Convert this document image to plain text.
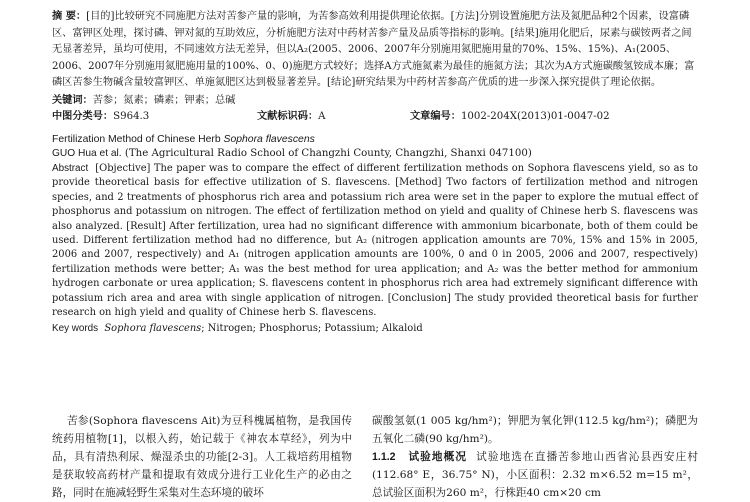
摘 要：[目的]比较研究不同施肥方法对苦参产量的影响，为苦参高效利用提供理论依据。[方法]分别设置施肥方法及氮肥品种2个因素，设富磷区、富钾区处理，探讨磷、钾对氮的互助效应，分析施肥方法对中药材苦参产量及品质等指标的影响。[结果]施用化肥后，尿素与碳铵两者之间无显著差异，虽均可使用，不同速效方法无差异，但以A₂(2005、2006、2007年分别施用氮肥施用量的70%、15%、15%)、A₁(2005、2006、2007年分别施用氮肥施用量的100%、0、0)施肥方式较好；选择A方式施氮素为最佳的施氮方法；其次为A方式施碳酸氢铵成本廉；富磷区苦参生物碱含量较富钾区、单施氮肥区达到极显著差异。[结论]研究结果为中药材苦参高产优质的进一步深入探究提供了理论依据。
关键词：苦参；氮素；磷素；钾素；总碱
中图分类号：S964.3	文献标识码：A	文章编号：1002-204X(2013)01-0047-02
Fertilization Method of Chinese Herb Sophora flavescens
GUO Hua et al. (The Agricultural Radio School of Changzhi County, Changzhi, Shanxi 047100)
Abstract [Objective] The paper was to compare the effect of different fertilization methods on Sophora flavescens yield, so as to provide theoretical basis for effective utilization of S. flavescens. [Method] Two factors of fertilization method and nitrogen species, and 2 treatments of phosphorus rich area and potassium rich area were set in the paper to explore the mutual effect of phosphorus and potassium on nitrogen. The effect of fertilization method on yield and quality of Chinese herb S. flavescens was also analyzed. [Result] After fertilization, urea had no significant difference with ammonium bicarbonate, both of them could be used. Different fertilization method had no difference, but A₂ (nitrogen application amounts are 70%, 15% and 15% in 2005, 2006 and 2007, respectively) and A₁ (nitrogen application amounts are 100%, 0 and 0 in 2005, 2006 and 2007, respectively) fertilization methods were better; A₁ was the best method for urea application; and A₂ was the better method for ammonium hydrogen carbonate or urea application; S. flavescens content in phosphorus rich area had extremely significant difference with potassium rich area and area with single application of nitrogen. [Conclusion] The study provided theoretical basis for further research on high yield and quality of Chinese herb S. flavescens.
Key words Sophora flavescens; Nitrogen; Phosphorus; Potassium; Alkaloid
苦参(Sophora flavescens Ait)为豆科槐属植物，是我国传统药用植物[1]，以根入药，始记载于《神农本草经》，列为中品，具有清热利尿、燥湿杀虫的功能[2-3]。人工栽培药用植物是获取较高药材产量和提取有效成分进行工业化生产的必由之路，同时在施减轻野生采集对生态环境的破坏
碳酸氢氨(1 005 kg/hm²)；钾肥为氧化钾(112.5 kg/hm²)；磷肥为五氧化二磷(90 kg/hm²)。
1.1.2　试验地概况 试验地选在直播苦参地山西省沁县西安庄村(112.68° E，36.75° N)，小区面积：2.32 m×6.52 m=15 m²，总试验区面积为260 m²，行株距40 cm×20 cm
